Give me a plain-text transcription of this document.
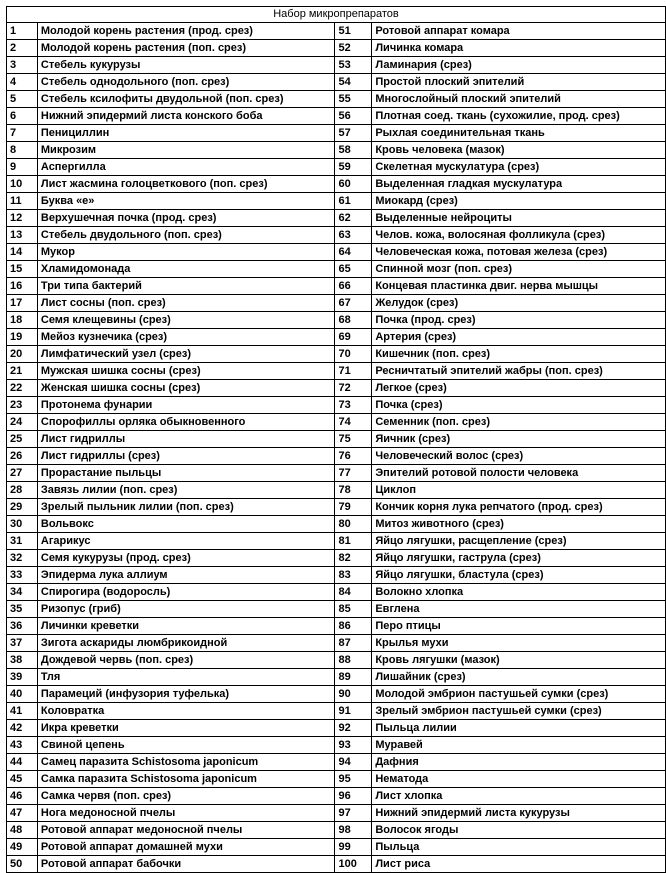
Набор микропрепаратов			
1	Молодой корень растения (прод. срез)	51	Ротовой аппарат комара
2	Молодой корень растения (поп. срез)	52	Личинка комара
3	Стебель кукурузы	53	Ламинария (срез)
4	Стебель однодольного (поп. срез)	54	Простой плоский эпителий
5	Стебель ксилофиты двудольной (поп. срез)	55	Многослойный плоский эпителий
6	Нижний эпидермий листа конского боба	56	Плотная соед. ткань (сухожилие, прод. срез)
7	Пенициллин	57	Рыхлая соединительная ткань
8	Микрозим	58	Кровь человека (мазок)
9	Аспергилла	59	Скелетная мускулатура (срез)
10	Лист жасмина голоцветкового (поп. срез)	60	Выделенная гладкая мускулатура
11	Буква «е»	61	Миокард (срез)
12	Верхушечная почка (прод. срез)	62	Выделенные нейроциты
13	Стебель двудольного (поп. срез)	63	Челов. кожа, волосяная фолликула (срез)
14	Мукор	64	Человеческая кожа, потовая железа (срез)
15	Хламидомонада	65	Спинной мозг (поп. срез)
16	Три типа бактерий	66	Концевая пластинка двиг. нерва мышцы
17	Лист сосны (поп. срез)	67	Желудок (срез)
18	Семя клещевины (срез)	68	Почка (прод. срез)
19	Мейоз кузнечика (срез)	69	Артерия (срез)
20	Лимфатический узел (срез)	70	Кишечник (поп. срез)
21	Мужская шишка сосны (срез)	71	Ресничтатый эпителий жабры (поп. срез)
22	Женская шишка сосны (срез)	72	Легкое (срез)
23	Протонема фунарии	73	Почка (срез)
24	Спорофиллы орляка обыкновенного	74	Семенник (поп. срез)
25	Лист гидриллы	75	Яичник (срез)
26	Лист гидриллы (срез)	76	Человеческий волос (срез)
27	Прорастание пыльцы	77	Эпителий ротовой полости человека
28	Завязь лилии (поп. срез)	78	Циклоп
29	Зрелый пыльник лилии (поп. срез)	79	Кончик корня лука репчатого (прод. срез)
30	Вольвокс	80	Митоз животного (срез)
31	Агарикус	81	Яйцо лягушки, расщепление (срез)
32	Семя кукурузы (прод. срез)	82	Яйцо лягушки, гаструла (срез)
33	Эпидерма лука аллиум	83	Яйцо лягушки, бластула (срез)
34	Спирогира (водоросль)	84	Волокно хлопка
35	Ризопус (гриб)	85	Евглена
36	Личинки креветки	86	Перо птицы
37	Зигота аскариды люмбрикоидной	87	Крылья мухи
38	Дождевой червь (поп. срез)	88	Кровь лягушки (мазок)
39	Тля	89	Лишайник (срез)
40	Парамеций (инфузория туфелька)	90	Молодой эмбрион пастушьей сумки (срез)
41	Коловратка	91	Зрелый эмбрион пастушьей сумки (срез)
42	Икра креветки	92	Пыльца лилии
43	Свиной цепень	93	Муравей
44	Самец паразита Schistosoma japonicum	94	Дафния
45	Самка паразита Schistosoma japonicum	95	Нематода
46	Самка червя (поп. срез)	96	Лист хлопка
47	Нога медоносной пчелы	97	Нижний эпидермий листа кукурузы
48	Ротовой аппарат медоносной пчелы	98	Волосок ягоды
49	Ротовой аппарат домашней мухи	99	Пыльца
50	Ротовой аппарат бабочки	100	Лист риса
